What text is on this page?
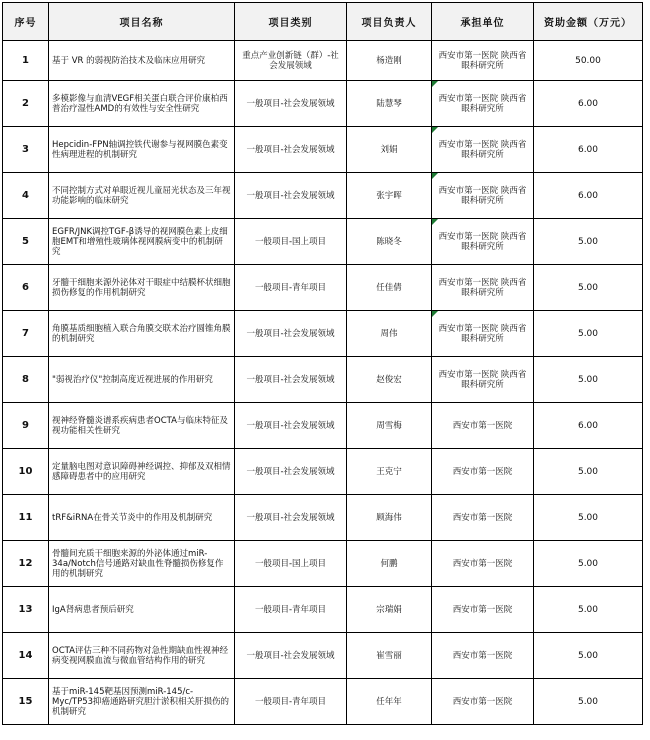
序号	项目名称	项目类别	项目负责人	承担单位	资助金额（万元）
1	基于 VR 的弱视防治技术及临床应用研究	重点产业创新链（群）-社会发展领域	杨造刚	西安市第一医院 陕西省眼科研究所	50.00
2	多模影像与血清VEGF相关蛋白联合评价康柏西普治疗湿性AMD的有效性与安全性研究	一般项目-社会发展领域	陆慧琴	西安市第一医院 陕西省眼科研究所	6.00
3	Hepcidin-FPN轴调控铁代谢参与视网膜色素变性病理进程的机制研究	一般项目-社会发展领域	刘娟	西安市第一医院 陕西省眼科研究所	6.00
4	不同控制方式对单眼近视儿童屈光状态及三年视功能影响的临床研究	一般项目-社会发展领域	张宇晖	西安市第一医院 陕西省眼科研究所	6.00
5	EGFR/JNK调控TGF-β诱导的视网膜色素上皮细胞EMT和增殖性玻璃体视网膜病变中的机制研究	一般项目-国上项目	陈晓冬	西安市第一医院 陕西省眼科研究所	5.00
6	牙髓干细胞来源外泌体对干眼症中结膜杯状细胞损伤修复的作用机制研究	一般项目-青年项目	任佳倩	西安市第一医院 陕西省眼科研究所	5.00
7	角膜基质细胞植入联合角膜交联术治疗圆锥角膜的机制研究	一般项目-社会发展领域	周伟	西安市第一医院 陕西省眼科研究所	5.00
8	"弱视治疗仪"控制高度近视进展的作用研究	一般项目-社会发展领域	赵俊宏	西安市第一医院 陕西省眼科研究所	5.00
9	视神经脊髓炎谱系疾病患者OCTA与临床特征及视功能相关性研究	一般项目-社会发展领域	周雪梅	西安市第一医院	6.00
10	定量脑电图对意识障碍神经调控、抑郁及双相情感障碍患者中的应用研究	一般项目-社会发展领域	王克宁	西安市第一医院	5.00
11	tRF&iRNA在骨关节炎中的作用及机制研究	一般项目-社会发展领域	顾海伟	西安市第一医院	5.00
12	骨髓间充质干细胞来源的外泌体通过miR-34a/Notch信号通路对缺血性脊髓损伤修复作用的机制研究	一般项目-国上项目	何鹏	西安市第一医院	5.00
13	IgA肾病患者预后研究	一般项目-青年项目	宗瑞娟	西安市第一医院	5.00
14	OCTA评估三种不同药物对急性期缺血性视神经病变视网膜血流与微血管结构作用的研究	一般项目-社会发展领域	崔雪丽	西安市第一医院	5.00
15	基于miR-145靶基因预测miR-145/c-Myc/TP53抑癌通路研究胆汁淤积相关肝损伤的机制研究	一般项目-青年项目	任年年	西安市第一医院	5.00
